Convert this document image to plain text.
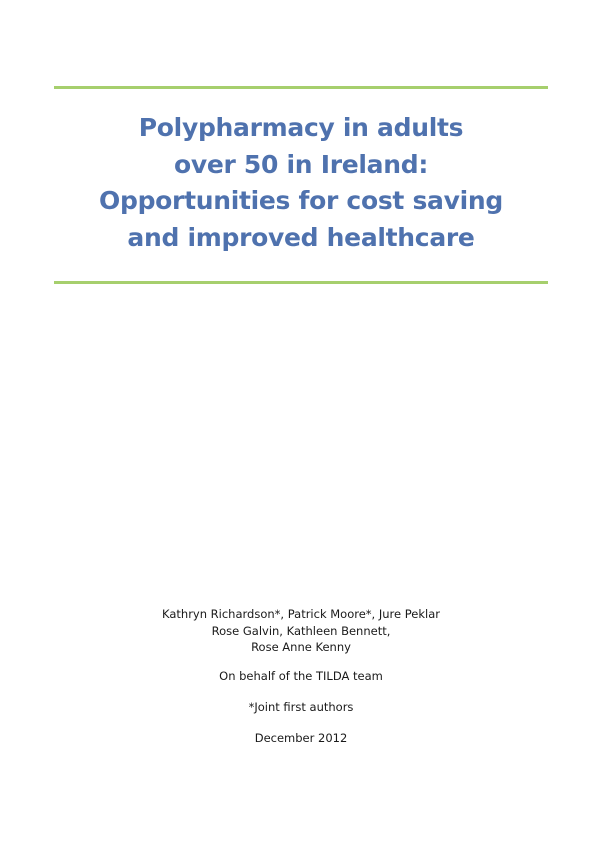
Polypharmacy in adults
over 50 in Ireland:
Opportunities for cost saving
and improved healthcare
Kathryn Richardson*, Patrick Moore*, Jure Peklar
Rose Galvin, Kathleen Bennett,
Rose Anne Kenny
On behalf of the TILDA team
*Joint first authors
December 2012
